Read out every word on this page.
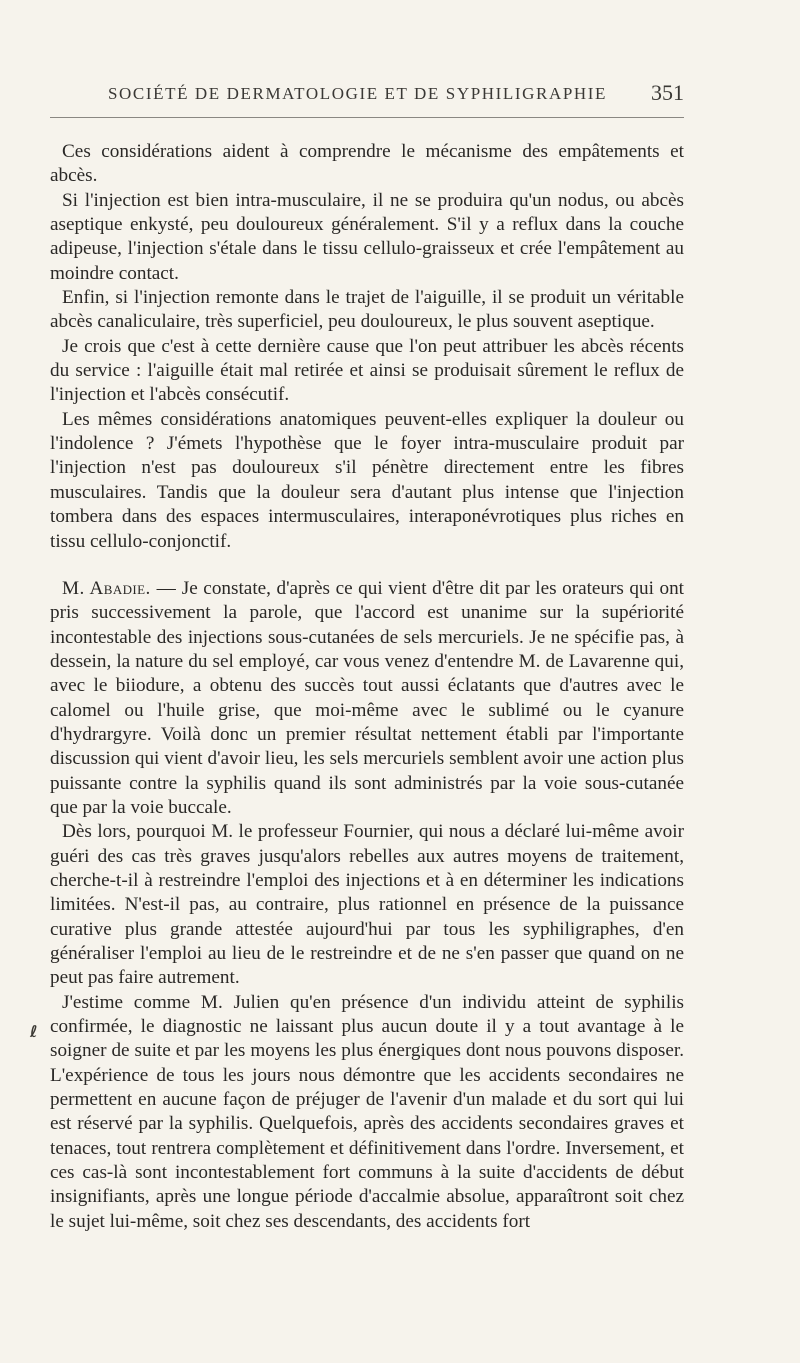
SOCIÉTÉ DE DERMATOLOGIE ET DE SYPHILIGRAPHIE 351

Ces considérations aident à comprendre le mécanisme des empâtements et abcès.

Si l'injection est bien intra-musculaire, il ne se produira qu'un nodus, ou abcès aseptique enkysté, peu douloureux généralement. S'il y a reflux dans la couche adipeuse, l'injection s'étale dans le tissu cellulo-graisseux et crée l'empâtement au moindre contact.

Enfin, si l'injection remonte dans le trajet de l'aiguille, il se produit un véritable abcès canaliculaire, très superficiel, peu douloureux, le plus souvent aseptique.

Je crois que c'est à cette dernière cause que l'on peut attribuer les abcès récents du service : l'aiguille était mal retirée et ainsi se produisait sûrement le reflux de l'injection et l'abcès consécutif.

Les mêmes considérations anatomiques peuvent-elles expliquer la douleur ou l'indolence ? J'émets l'hypothèse que le foyer intra-musculaire produit par l'injection n'est pas douloureux s'il pénètre directement entre les fibres musculaires. Tandis que la douleur sera d'autant plus intense que l'injection tombera dans des espaces intermusculaires, interaponévrotiques plus riches en tissu cellulo-conjonctif.

M. Abadie. — Je constate, d'après ce qui vient d'être dit par les orateurs qui ont pris successivement la parole, que l'accord est unanime sur la supériorité incontestable des injections sous-cutanées de sels mercuriels. Je ne spécifie pas, à dessein, la nature du sel employé, car vous venez d'entendre M. de Lavarenne qui, avec le biiodure, a obtenu des succès tout aussi éclatants que d'autres avec le calomel ou l'huile grise, que moi-même avec le sublimé ou le cyanure d'hydrargyre. Voilà donc un premier résultat nettement établi par l'importante discussion qui vient d'avoir lieu, les sels mercuriels semblent avoir une action plus puissante contre la syphilis quand ils sont administrés par la voie sous-cutanée que par la voie buccale.

Dès lors, pourquoi M. le professeur Fournier, qui nous a déclaré lui-même avoir guéri des cas très graves jusqu'alors rebelles aux autres moyens de traitement, cherche-t-il à restreindre l'emploi des injections et à en déterminer les indications limitées. N'est-il pas, au contraire, plus rationnel en présence de la puissance curative plus grande attestée aujourd'hui par tous les syphiligraphes, d'en généraliser l'emploi au lieu de le restreindre et de ne s'en passer que quand on ne peut pas faire autrement.

J'estime comme M. Julien qu'en présence d'un individu atteint de syphilis confirmée, le diagnostic ne laissant plus aucun doute il y a tout avantage à le soigner de suite et par les moyens les plus énergiques dont nous pouvons disposer. L'expérience de tous les jours nous démontre que les accidents secondaires ne permettent en aucune façon de préjuger de l'avenir d'un malade et du sort qui lui est réservé par la syphilis. Quelquefois, après des accidents secondaires graves et tenaces, tout rentrera complètement et définitivement dans l'ordre. Inversement, et ces cas-là sont incontestablement fort communs à la suite d'accidents de début insignifiants, après une longue période d'accalmie absolue, apparaîtront soit chez le sujet lui-même, soit chez ses descendants, des accidents fort

ℓ
